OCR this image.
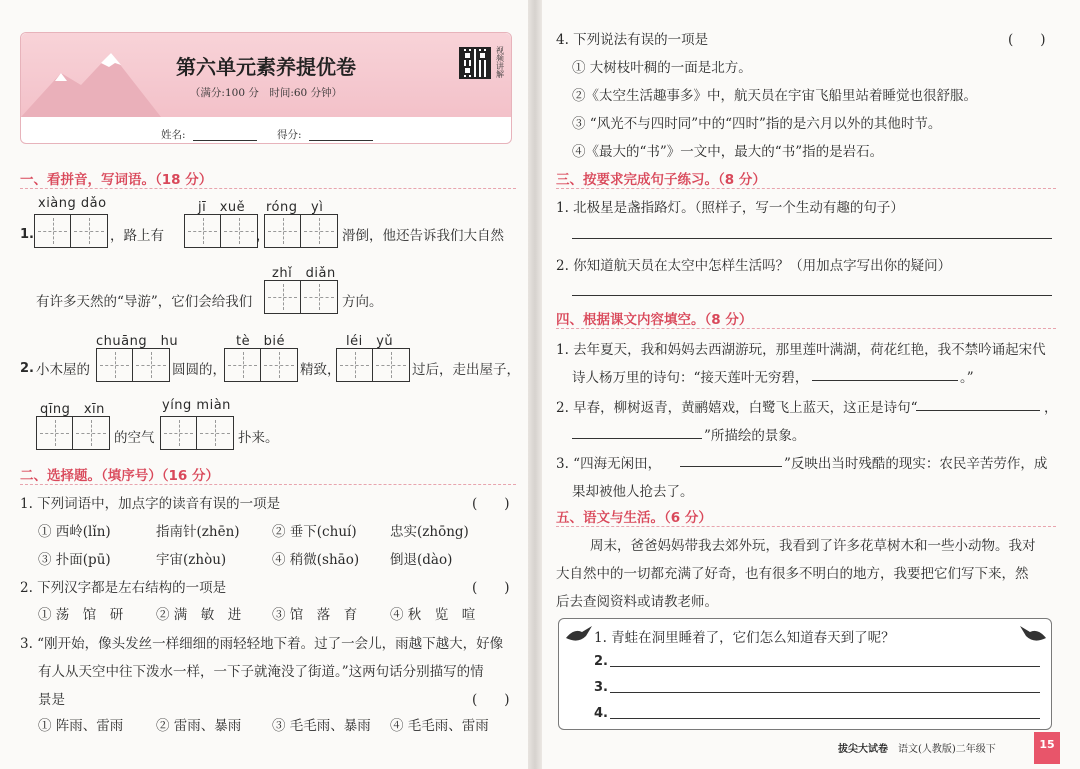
第六单元素养提优卷
（满分:100 分　时间:60 分钟）
视频讲解
姓名:	得分:
一、看拼音，写词语。（18 分）
xiàng dǎo	jī　xuě róng　yì
1.	，路上有	，	滑倒，他还告诉我们大自然
zhǐ　diǎn
有许多天然的“导游”，它们会给我们	方向。
chuāng　hu	tè　bié	léi　yǔ
2. 小木屋的	圆圆的，	精致，	过后，走出屋子，
qīng　xīn	yíng miàn
的空气	扑来。
二、选择题。（填序号）（16 分）
1. 下列词语中，加点字的读音有误的一项是	(　　)
① 西岭(lǐn)	指南针(zhēn) ② 垂下(chuí) 忠实(zhōng)
③ 扑面(pū)	宇宙(zhòu)	④ 稍微(shāo) 倒退(dào)
2. 下列汉字都是左右结构的一项是	(　　)
① 荡　馆　研 ② 满　敏　进 ③ 馆　落　育 ④ 秋　览　喧
3. “刚开始，像头发丝一样细细的雨轻轻地下着。过了一会儿，雨越下越大，好像
有人从天空中往下泼水一样，一下子就淹没了街道。”这两句话分别描写的情
景是	(　　)
① 阵雨、雷雨 ② 雷雨、暴雨 ③ 毛毛雨、暴雨 ④ 毛毛雨、雷雨
4. 下列说法有误的一项是	(　　)
① 大树枝叶稠的一面是北方。
②《太空生活趣事多》中，航天员在宇宙飞船里站着睡觉也很舒服。
③ “风光不与四时同”中的“四时”指的是六月以外的其他时节。
④《最大的“书”》一文中，最大的“书”指的是岩石。
三、按要求完成句子练习。（8 分）
1. 北极星是盏指路灯。（照样子，写一个生动有趣的句子）
2. 你知道航天员在太空中怎样生活吗？（用加点字写出你的疑问）
四、根据课文内容填空。（8 分）
1. 去年夏天，我和妈妈去西湖游玩，那里莲叶满湖，荷花红艳，我不禁吟诵起宋代
诗人杨万里的诗句：“接天莲叶无穷碧，	。”
2. 早春，柳树返青，黄鹂嬉戏，白鹭飞上蓝天，这正是诗句“	，
”所描绘的景象。
3. “四海无闲田，	”反映出当时残酷的现实：农民辛苦劳作，成
果却被他人抢去了。
五、语文与生活。（6 分）
周末，爸爸妈妈带我去郊外玩，我看到了许多花草树木和一些小动物。我对
大自然中的一切都充满了好奇，也有很多不明白的地方，我要把它们写下来，然
后去查阅资料或请教老师。
1. 青蛙在洞里睡着了，它们怎么知道春天到了呢？
2.
3.
4.
拔尖大试卷 语文(人教版)二年级下	15
